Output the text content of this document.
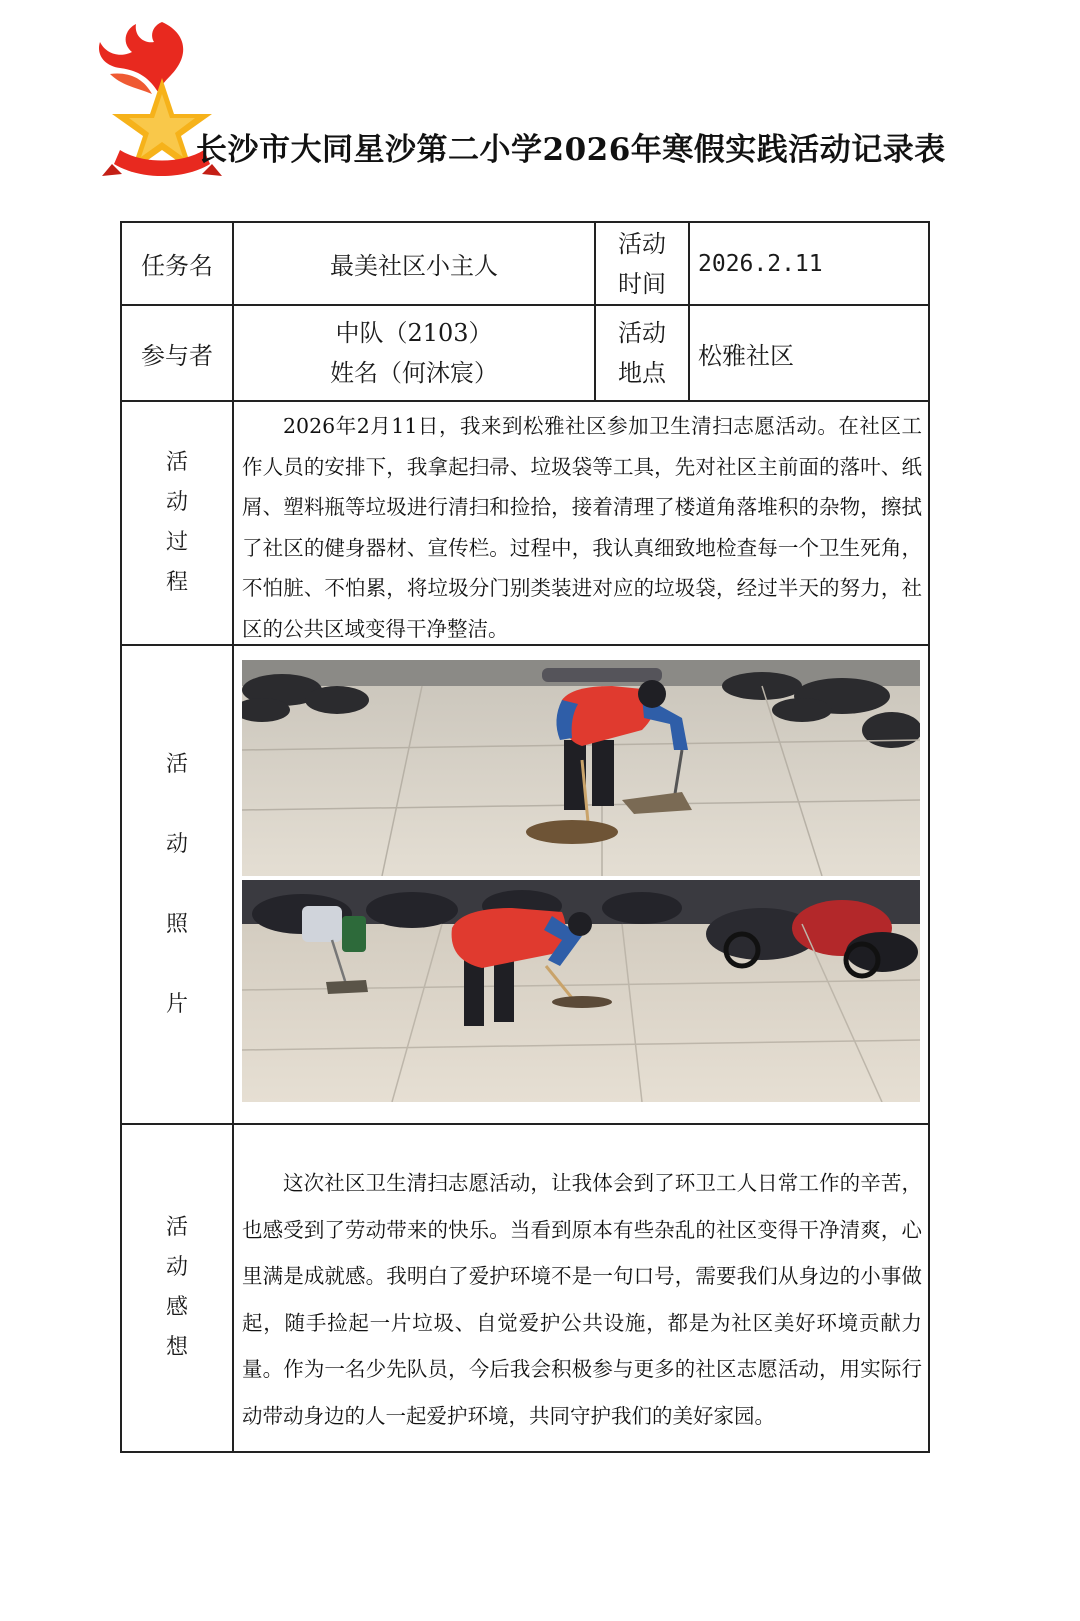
长沙市大同星沙第二小学2026年寒假实践活动记录表
任务名	最美社区小主人
活动
时间
2026.2.11
参与者
中队（2103）
姓名（何沐宸）
活动
地点
松雅社区
活
动
过
程

2026年2月11日，我来到松雅社区参加卫生清扫志愿活动。在社区工作人员的安排下，我拿起扫帚、垃圾袋等工具，先对社区主前面的落叶、纸屑、塑料瓶等垃圾进行清扫和捡拾，接着清理了楼道角落堆积的杂物，擦拭了社区的健身器材、宣传栏。过程中，我认真细致地检查每一个卫生死角，不怕脏、不怕累，将垃圾分门别类装进对应的垃圾袋，经过半天的努力，社区的公共区域变得干净整洁。

活
动
照
片
活
动
感
想

这次社区卫生清扫志愿活动，让我体会到了环卫工人日常工作的辛苦，也感受到了劳动带来的快乐。当看到原本有些杂乱的社区变得干净清爽，心里满是成就感。我明白了爱护环境不是一句口号，需要我们从身边的小事做起，随手捡起一片垃圾、自觉爱护公共设施，都是为社区美好环境贡献力量。作为一名少先队员，今后我会积极参与更多的社区志愿活动，用实际行动带动身边的人一起爱护环境，共同守护我们的美好家园。
